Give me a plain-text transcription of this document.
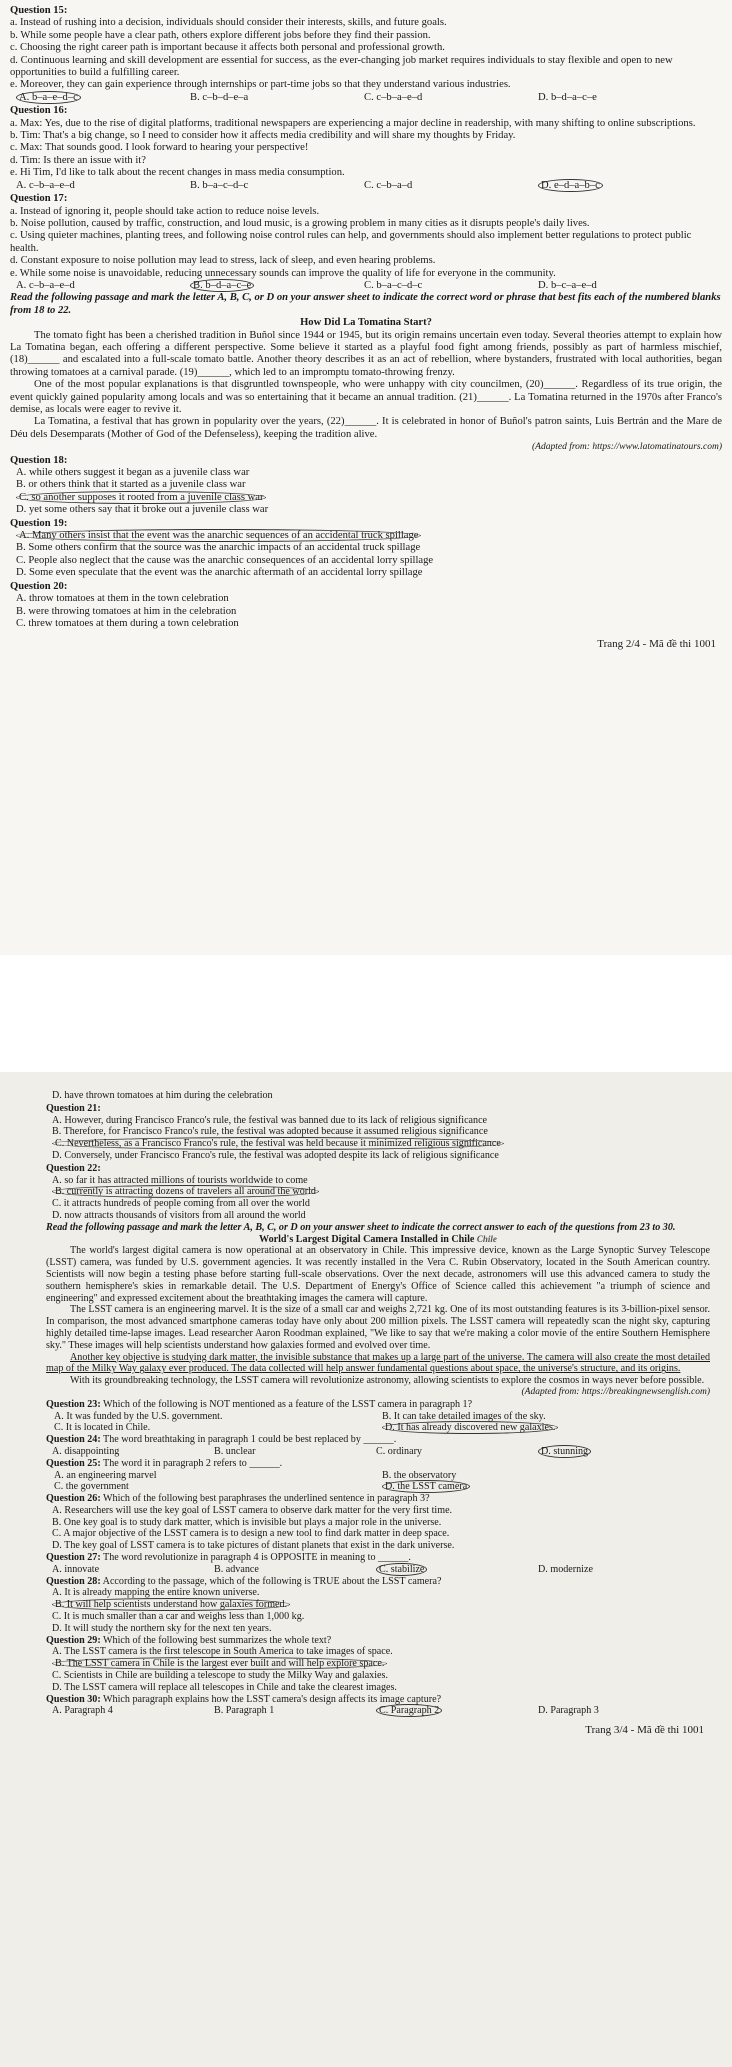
Question 15:
a. Instead of rushing into a decision, individuals should consider their interests, skills, and future goals.
b. While some people have a clear path, others explore different jobs before they find their passion.
c. Choosing the right career path is important because it affects both personal and professional growth.
d. Continuous learning and skill development are essential for success, as the ever-changing job market requires individuals to stay flexible and open to new opportunities to build a fulfilling career.
e. Moreover, they can gain experience through internships or part-time jobs so that they understand various industries.
A. b–a–e–d–c	B. c–b–d–e–a	C. c–b–a–e–d	D. b–d–a–c–e
Question 16:
a. Max: Yes, due to the rise of digital platforms, traditional newspapers are experiencing a major decline in readership, with many shifting to online subscriptions.
b. Tim: That's a big change, so I need to consider how it affects media credibility and will share my thoughts by Friday.
c. Max: That sounds good. I look forward to hearing your perspective!
d. Tim: Is there an issue with it?
e. Hi Tim, I'd like to talk about the recent changes in mass media consumption.
A. c–b–a–e–d	B. b–a–c–d–c	C. c–b–a–d	D. e–d–a–b–c
Question 17:
a. Instead of ignoring it, people should take action to reduce noise levels.
b. Noise pollution, caused by traffic, construction, and loud music, is a growing problem in many cities as it disrupts people's daily lives.
c. Using quieter machines, planting trees, and following noise control rules can help, and governments should also implement better regulations to protect public health.
d. Constant exposure to noise pollution may lead to stress, lack of sleep, and even hearing problems.
e. While some noise is unavoidable, reducing unnecessary sounds can improve the quality of life for everyone in the community.
A. c–b–a–e–d	B. b–d–a–c–e	C. b–a–c–d–c	D. b–c–a–e–d
Read the following passage and mark the letter A, B, C, or D on your answer sheet to indicate the correct word or phrase that best fits each of the numbered blanks from 18 to 22.
How Did La Tomatina Start?
The tomato fight has been a cherished tradition in Buñol since 1944 or 1945, but its origin remains uncertain even today. Several theories attempt to explain how La Tomatina began, each offering a different perspective. Some believe it started as a playful food fight among friends, possibly as part of harmless mischief, (18)______ and escalated into a full-scale tomato battle. Another theory describes it as an act of rebellion, where bystanders, frustrated with local authorities, began throwing tomatoes at a carnival parade. (19)______, which led to an impromptu tomato-throwing frenzy.
One of the most popular explanations is that disgruntled townspeople, who were unhappy with city councilmen, (20)______. Regardless of its true origin, the event quickly gained popularity among locals and was so entertaining that it became an annual tradition. (21)______. La Tomatina returned in the 1970s after Franco's demise, as locals were eager to revive it.
La Tomatina, a festival that has grown in popularity over the years, (22)______. It is celebrated in honor of Buñol's patron saints, Luis Bertrán and the Mare de Déu dels Desemparats (Mother of God of the Defenseless), keeping the tradition alive.
(Adapted from: https://www.latomatinatours.com)
Question 18:
A. while others suggest it began as a juvenile class war
B. or others think that it started as a juvenile class war
C. so another supposes it rooted from a juvenile class war
D. yet some others say that it broke out a juvenile class war
Question 19:
A. Many others insist that the event was the anarchic sequences of an accidental truck spillage
B. Some others confirm that the source was the anarchic impacts of an accidental truck spillage
C. People also neglect that the cause was the anarchic consequences of an accidental lorry spillage
D. Some even speculate that the event was the anarchic aftermath of an accidental lorry spillage
Question 20:
A. throw tomatoes at them in the town celebration
B. were throwing tomatoes at him in the celebration
C. threw tomatoes at them during a town celebration
Trang 2/4 - Mã đề thi 1001
D. have thrown tomatoes at him during the celebration
Question 21:
A. However, during Francisco Franco's rule, the festival was banned due to its lack of religious significance
B. Therefore, for Francisco Franco's rule, the festival was adopted because it assumed religious significance
C. Nevertheless, as a Francisco Franco's rule, the festival was held because it minimized religious significance
D. Conversely, under Francisco Franco's rule, the festival was adopted despite its lack of religious significance
Question 22:
A. so far it has attracted millions of tourists worldwide to come
B. currently is attracting dozens of travelers all around the world
C. it attracts hundreds of people coming from all over the world
D. now attracts thousands of visitors from all around the world
Read the following passage and mark the letter A, B, C, or D on your answer sheet to indicate the correct answer to each of the questions from 23 to 30.
World's Largest Digital Camera Installed in Chile Chile
The world's largest digital camera is now operational at an observatory in Chile. This impressive device, known as the Large Synoptic Survey Telescope (LSST) camera, was funded by U.S. government agencies. It was recently installed in the Vera C. Rubin Observatory, located in the South American country. Scientists will now begin a testing phase before starting full-scale observations. Over the next decade, astronomers will use this advanced camera to study the southern hemisphere's skies in remarkable detail. The U.S. Department of Energy's Office of Science called this achievement "a triumph of science and engineering" and expressed excitement about the breathtaking images the camera will capture.
The LSST camera is an engineering marvel. It is the size of a small car and weighs 2,721 kg. One of its most outstanding features is its 3-billion-pixel sensor. In comparison, the most advanced smartphone cameras today have only about 200 million pixels. The LSST camera will repeatedly scan the night sky, capturing highly detailed time-lapse images. Lead researcher Aaron Roodman explained, "We like to say that we're making a color movie of the entire Southern Hemisphere sky." These images will help scientists understand how galaxies formed and evolved over time.
Another key objective is studying dark matter, the invisible substance that makes up a large part of the universe. The camera will also create the most detailed map of the Milky Way galaxy ever produced. The data collected will help answer fundamental questions about space, the universe's structure, and its origins.
With its groundbreaking technology, the LSST camera will revolutionize astronomy, allowing scientists to explore the cosmos in ways never before possible.
(Adapted from: https://breakingnewsenglish.com)
Question 23: Which of the following is NOT mentioned as a feature of the LSST camera in paragraph 1?
A. It was funded by the U.S. government.	B. It can take detailed images of the sky.
C. It is located in Chile.	D. It has already discovered new galaxies.
Question 24: The word breathtaking in paragraph 1 could be best replaced by ______.
A. disappointing	B. unclear	C. ordinary	D. stunning
Question 25: The word it in paragraph 2 refers to ______.
A. an engineering marvel	B. the observatory
C. the government	D. the LSST camera
Question 26: Which of the following best paraphrases the underlined sentence in paragraph 3?
A. Researchers will use the key goal of LSST camera to observe dark matter for the very first time.
B. One key goal is to study dark matter, which is invisible but plays a major role in the universe.
C. A major objective of the LSST camera is to design a new tool to find dark matter in deep space.
D. The key goal of LSST camera is to take pictures of distant planets that exist in the dark universe.
Question 27: The word revolutionize in paragraph 4 is OPPOSITE in meaning to ______.
A. innovate	B. advance	C. stabilize	D. modernize
Question 28: According to the passage, which of the following is TRUE about the LSST camera?
A. It is already mapping the entire known universe.
B. It will help scientists understand how galaxies formed.
C. It is much smaller than a car and weighs less than 1,000 kg.
D. It will study the northern sky for the next ten years.
Question 29: Which of the following best summarizes the whole text?
A. The LSST camera is the first telescope in South America to take images of space.
B. The LSST camera in Chile is the largest ever built and will help explore space.
C. Scientists in Chile are building a telescope to study the Milky Way and galaxies.
D. The LSST camera will replace all telescopes in Chile and take the clearest images.
Question 30: Which paragraph explains how the LSST camera's design affects its image capture?
A. Paragraph 4	B. Paragraph 1	C. Paragraph 2	D. Paragraph 3
Trang 3/4 - Mã đề thi 1001
